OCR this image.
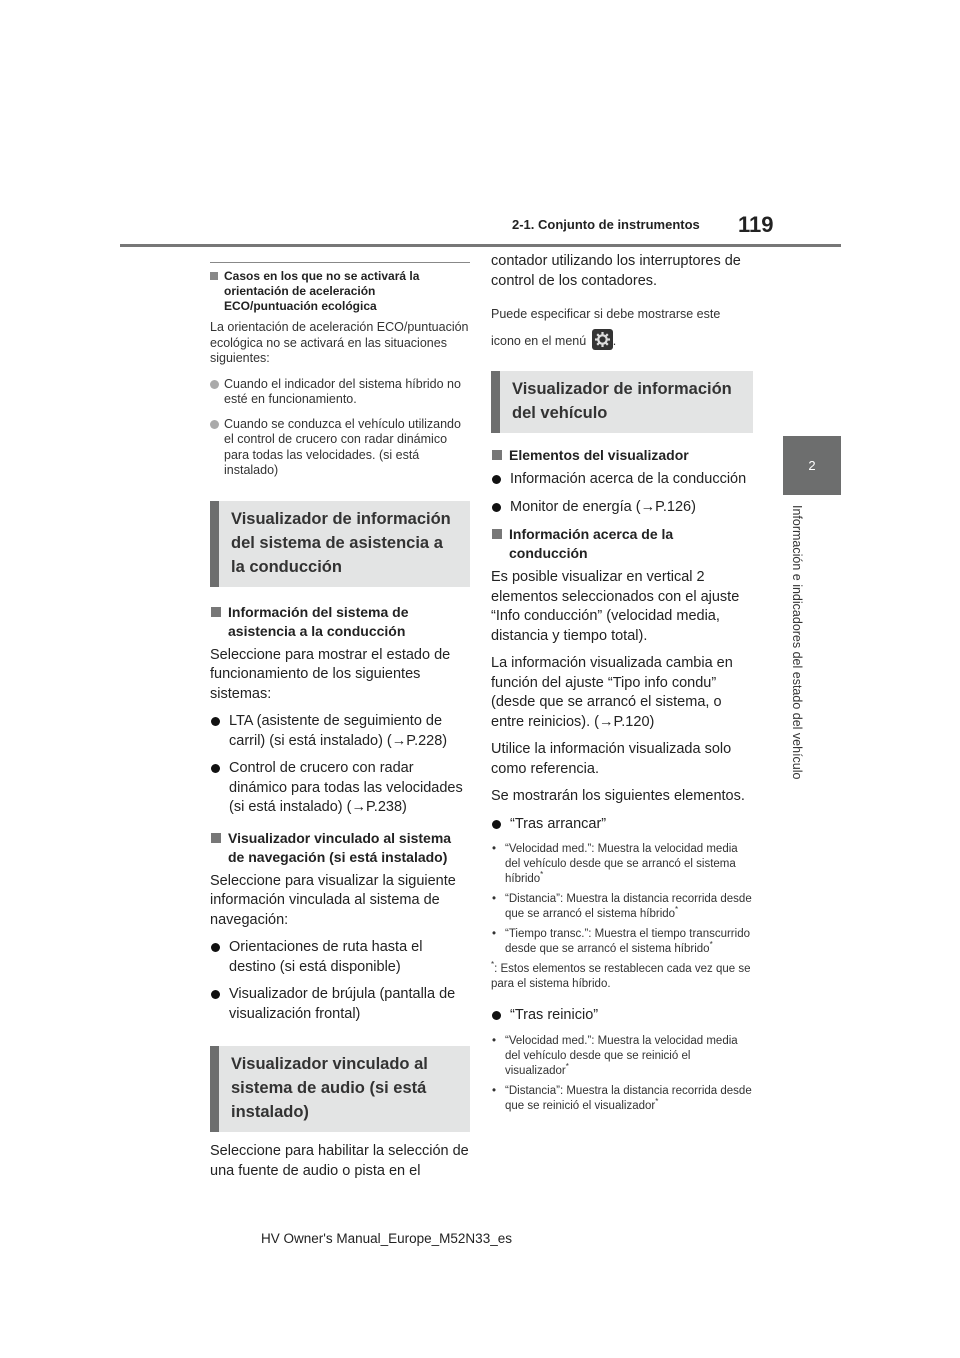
2-1. Conjunto de instrumentos 119
2
Información e indicadores del estado del vehículo
Casos en los que no se activará la orientación de aceleración ECO/puntuación ecológica

La orientación de aceleración ECO/puntuación ecológica no se activará en las situaciones siguientes:

Cuando el indicador del sistema híbrido no esté en funcionamiento.
Cuando se conduzca el vehículo utilizando el control de crucero con radar dinámico para todas las velocidades. (si está instalado)
Visualizador de información del sistema de asistencia a la conducción
Información del sistema de asistencia a la conducción

Seleccione para mostrar el estado de funcionamiento de los siguientes sistemas:

LTA (asistente de seguimiento de carril) (si está instalado) (→P.228)
Control de crucero con radar dinámico para todas las velocidades (si está instalado) (→P.238)
Visualizador vinculado al sistema de navegación (si está instalado)

Seleccione para visualizar la siguiente información vinculada al sistema de navegación:

Orientaciones de ruta hasta el destino (si está disponible)
Visualizador de brújula (pantalla de visualización frontal)
Visualizador vinculado al sistema de audio (si está instalado)

Seleccione para habilitar la selección de una fuente de audio o pista en el

contador utilizando los interruptores de control de los contadores.

Puede especificar si debe mostrarse este icono en el menú .

Visualizador de información del vehículo
Elementos del visualizador
Información acerca de la conducción
Monitor de energía (→P.126)
Información acerca de la conducción

Es posible visualizar en vertical 2 elementos seleccionados con el ajuste “Info conducción” (velocidad media, distancia y tiempo total).

La información visualizada cambia en función del ajuste “Tipo info condu” (desde que se arrancó el sistema, o entre reinicios). (→P.120)

Utilice la información visualizada solo como referencia.

Se mostrarán los siguientes elementos.

“Tras arrancar”
• “Velocidad med.”: Muestra la velocidad media del vehículo desde que se arrancó el sistema híbrido*
• “Distancia”: Muestra la distancia recorrida desde que se arrancó el sistema híbrido*
• “Tiempo transc.”: Muestra el tiempo transcurrido desde que se arrancó el sistema híbrido*
*: Estos elementos se restablecen cada vez que se para el sistema híbrido.
“Tras reinicio”
• “Velocidad med.”: Muestra la velocidad media del vehículo desde que se reinició el visualizador*
• “Distancia”: Muestra la distancia recorrida desde que se reinició el visualizador*
HV Owner's Manual_Europe_M52N33_es
